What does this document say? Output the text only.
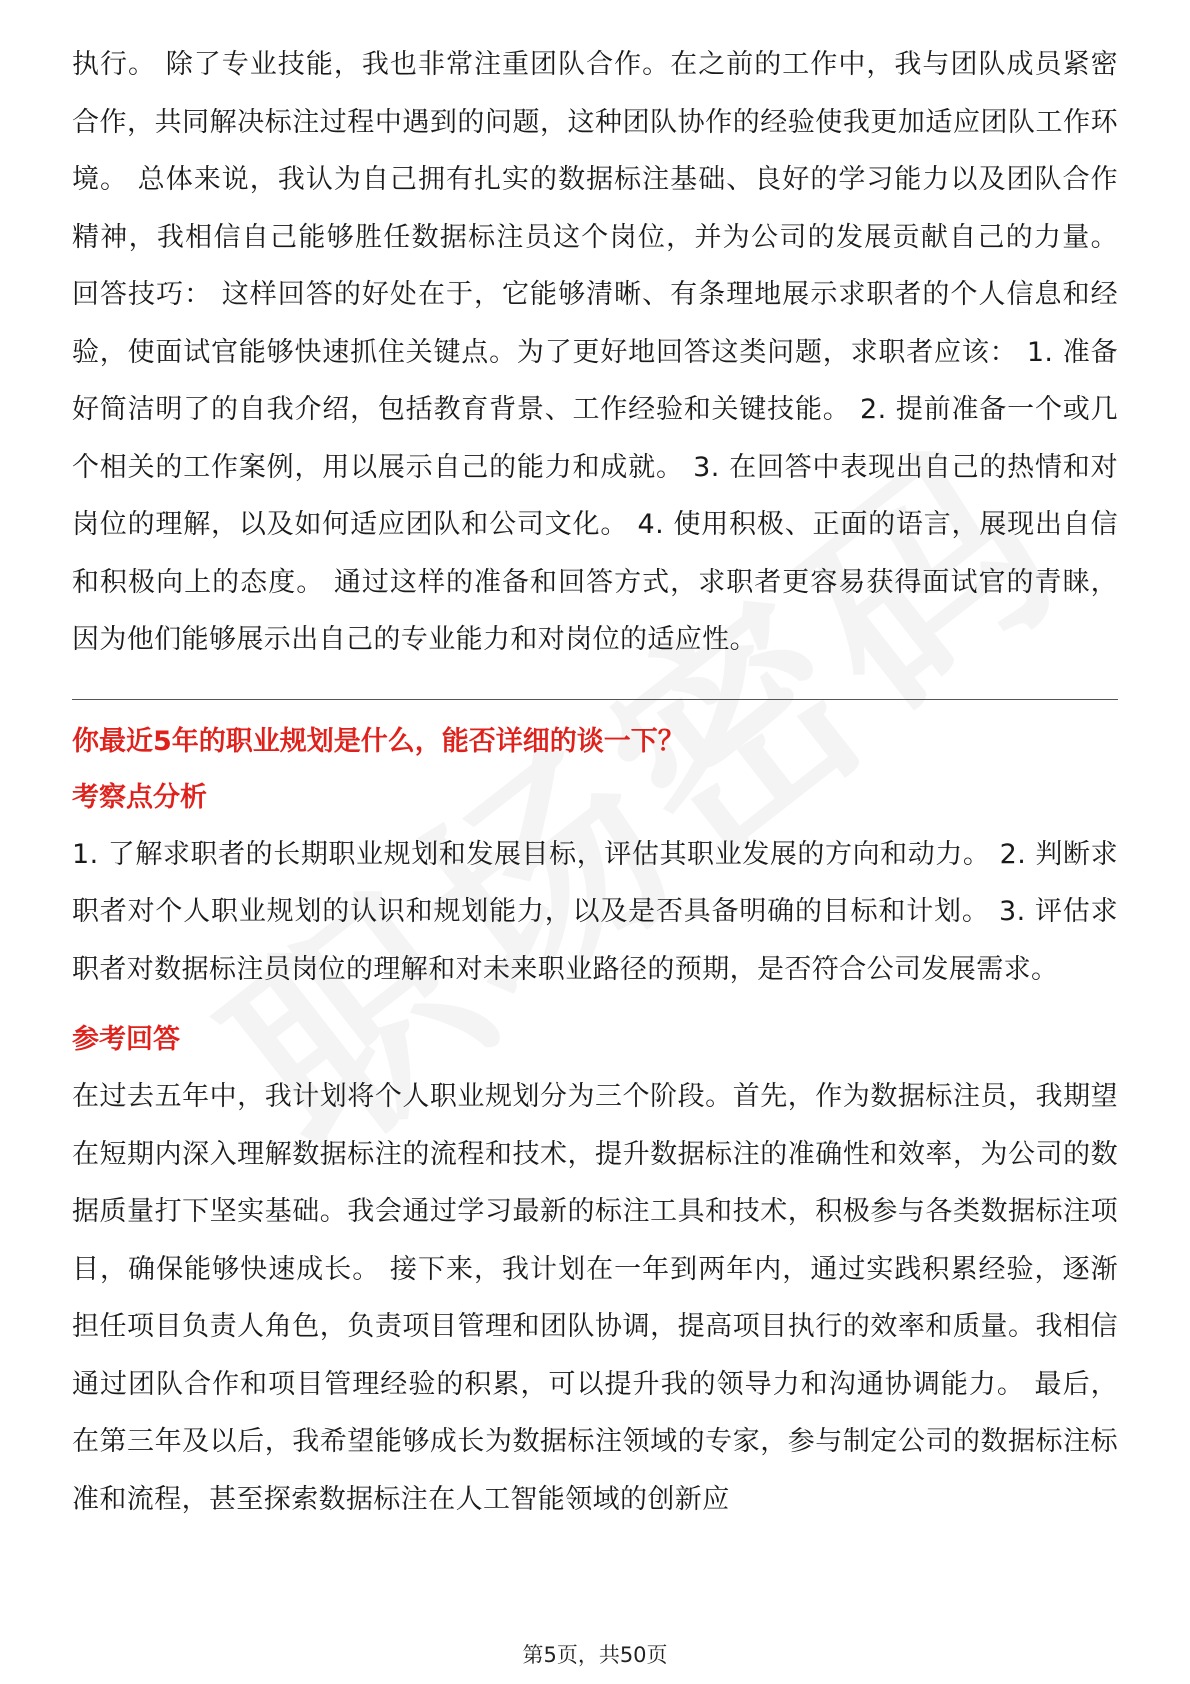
执行。 除了专业技能，我也非常注重团队合作。在之前的工作中，我与团队成员紧密合作，共同解决标注过程中遇到的问题，这种团队协作的经验使我更加适应团队工作环境。 总体来说，我认为自己拥有扎实的数据标注基础、良好的学习能力以及团队合作精神，我相信自己能够胜任数据标注员这个岗位，并为公司的发展贡献自己的力量。 回答技巧： 这样回答的好处在于，它能够清晰、有条理地展示求职者的个人信息和经验，使面试官能够快速抓住关键点。为了更好地回答这类问题，求职者应该： 1. 准备好简洁明了的自我介绍，包括教育背景、工作经验和关键技能。 2. 提前准备一个或几个相关的工作案例，用以展示自己的能力和成就。 3. 在回答中表现出自己的热情和对岗位的理解，以及如何适应团队和公司文化。 4. 使用积极、正面的语言，展现出自信和积极向上的态度。 通过这样的准备和回答方式，求职者更容易获得面试官的青睐，因为他们能够展示出自己的专业能力和对岗位的适应性。

你最近5年的职业规划是什么，能否详细的谈一下？
考察点分析

1. 了解求职者的长期职业规划和发展目标，评估其职业发展的方向和动力。 2. 判断求职者对个人职业规划的认识和规划能力，以及是否具备明确的目标和计划。 3. 评估求职者对数据标注员岗位的理解和对未来职业路径的预期，是否符合公司发展需求。

参考回答

在过去五年中，我计划将个人职业规划分为三个阶段。首先，作为数据标注员，我期望在短期内深入理解数据标注的流程和技术，提升数据标注的准确性和效率，为公司的数据质量打下坚实基础。我会通过学习最新的标注工具和技术，积极参与各类数据标注项目，确保能够快速成长。 接下来，我计划在一年到两年内，通过实践积累经验，逐渐担任项目负责人角色，负责项目管理和团队协调，提高项目执行的效率和质量。我相信通过团队合作和项目管理经验的积累，可以提升我的领导力和沟通协调能力。 最后，在第三年及以后，我希望能够成长为数据标注领域的专家，参与制定公司的数据标注标准和流程，甚至探索数据标注在人工智能领域的创新应

第5页，共50页
